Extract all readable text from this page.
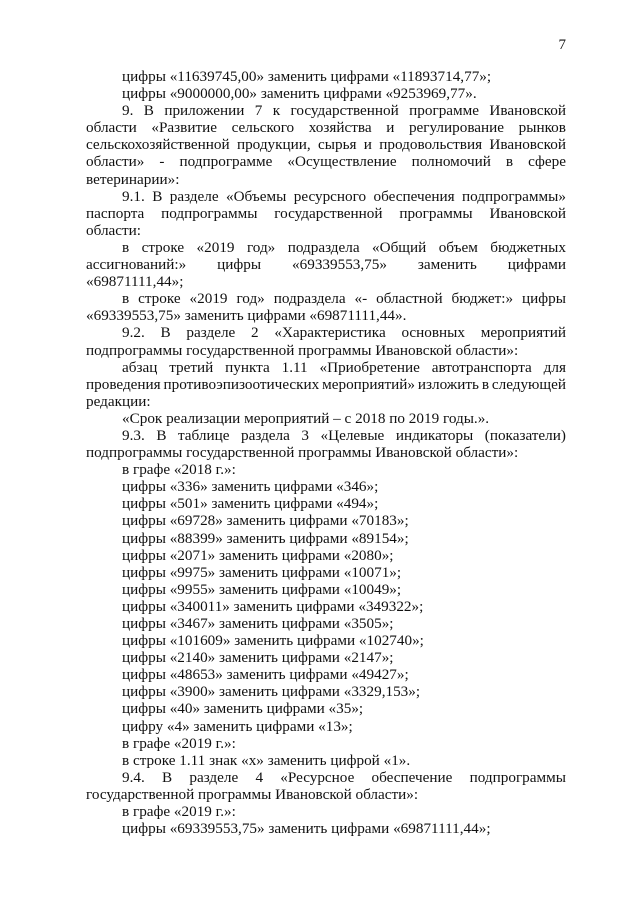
7
цифры «11639745,00» заменить цифрами «11893714,77»;
цифры «9000000,00» заменить цифрами «9253969,77».
9. В приложении 7 к государственной программе Ивановской
области «Развитие сельского хозяйства и регулирование рынков
сельскохозяйственной продукции, сырья и продовольствия Ивановской
области» - подпрограмме «Осуществление полномочий в сфере
ветеринарии»:
9.1. В разделе «Объемы ресурсного обеспечения подпрограммы»
паспорта подпрограммы государственной программы Ивановской
области:
в строке «2019 год» подраздела «Общий объем бюджетных
ассигнований:» цифры «69339553,75» заменить цифрами
«69871111,44»;
в строке «2019 год» подраздела «- областной бюджет:» цифры
«69339553,75» заменить цифрами «69871111,44».
9.2. В разделе 2 «Характеристика основных мероприятий
подпрограммы государственной программы Ивановской области»:
абзац третий пункта 1.11 «Приобретение автотранспорта для
проведения противоэпизоотических мероприятий» изложить в следующей
редакции:
«Срок реализации мероприятий – с 2018 по 2019 годы.».
9.3. В таблице раздела 3 «Целевые индикаторы (показатели)
подпрограммы государственной программы Ивановской области»:
в графе «2018 г.»:
цифры «336» заменить цифрами «346»;
цифры «501» заменить цифрами «494»;
цифры «69728» заменить цифрами «70183»;
цифры «88399» заменить цифрами «89154»;
цифры «2071» заменить цифрами «2080»;
цифры «9975» заменить цифрами «10071»;
цифры «9955» заменить цифрами «10049»;
цифры «340011» заменить цифрами «349322»;
цифры «3467» заменить цифрами «3505»;
цифры «101609» заменить цифрами «102740»;
цифры «2140» заменить цифрами «2147»;
цифры «48653» заменить цифрами «49427»;
цифры «3900» заменить цифрами «3329,153»;
цифры «40» заменить цифрами «35»;
цифру «4» заменить цифрами «13»;
в графе «2019 г.»:
в строке 1.11 знак «х» заменить цифрой «1».
9.4. В разделе 4 «Ресурсное обеспечение подпрограммы
государственной программы Ивановской области»:
в графе «2019 г.»:
цифры «69339553,75» заменить цифрами «69871111,44»;
